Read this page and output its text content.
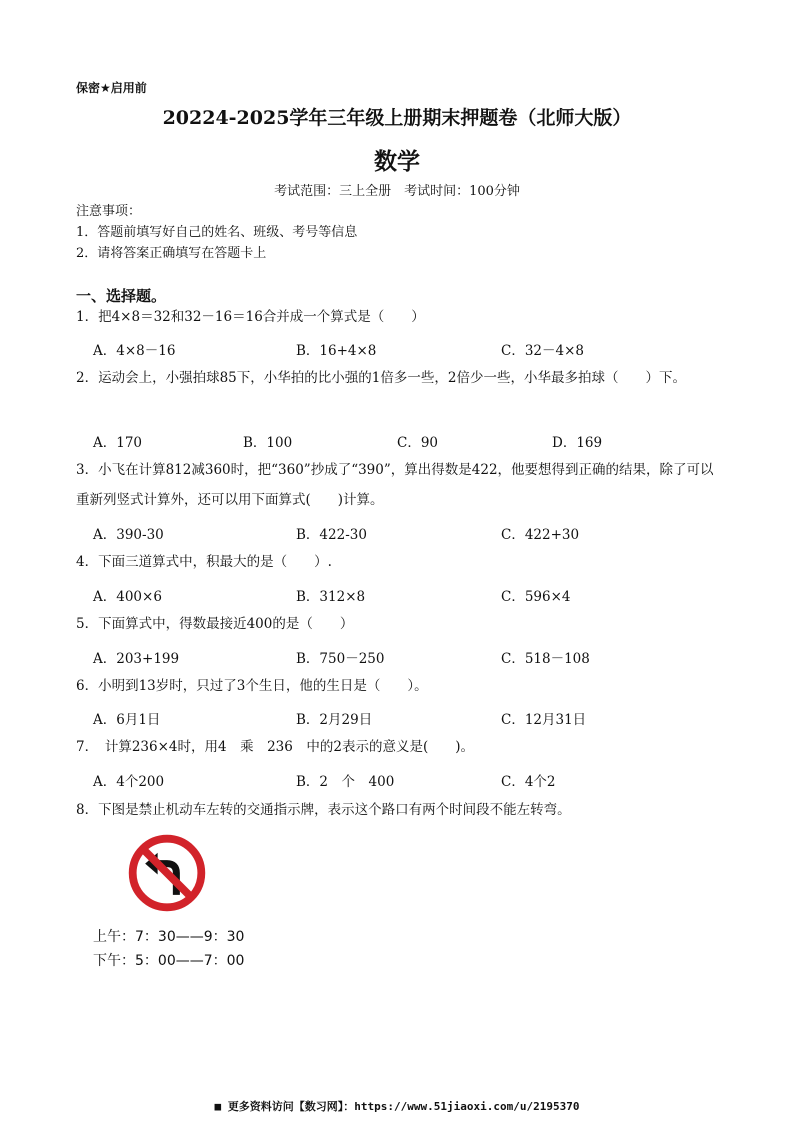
保密★启用前
20224-2025学年三年级上册期末押题卷（北师大版）
数学
考试范围：三上全册　考试时间：100分钟
注意事项：
1．答题前填写好自己的姓名、班级、考号等信息
2．请将答案正确填写在答题卡上
一、选择题。
1．把4×8＝32和32－16＝16合并成一个算式是（　　）
A．4×8－16	B．16+4×8	C．32－4×8
2．运动会上，小强拍球85下，小华拍的比小强的1倍多一些，2倍少一些，小华最多拍球（　　）下。
A．170	B．100	C．90	D．169
3．小飞在计算812减360时，把“360”抄成了“390”，算出得数是422，他要想得到正确的结果，除了可以重新列竖式计算外，还可以用下面算式(　　)计算。
A．390-30	B．422-30	C．422+30
4．下面三道算式中，积最大的是（　　）.
A．400×6	B．312×8	C．596×4
5．下面算式中，得数最接近400的是（　　）
A．203+199	B．750－250	C．518－108
6．小明到13岁时，只过了3个生日，他的生日是（　　）。
A．6月1日	B．2月29日	C．12月31日
7．　计算236×4时，用4　乘　236　中的2表示的意义是(　　)。
A．4个200	B．2　个　400	C．4个2
8．下图是禁止机动车左转的交通指示牌，表示这个路口有两个时间段不能左转弯。
上午：7：30——9：30
下午：5：00——7：00
■ 更多资料访问【数习网】：https://www.51jiaoxi.com/u/2195370
